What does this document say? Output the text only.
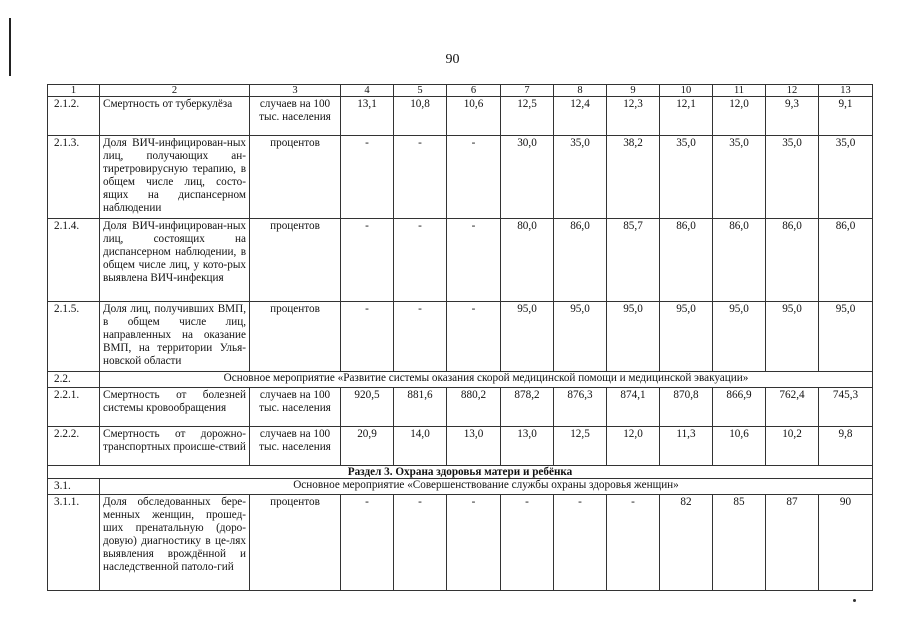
90
1	2	3	4	5	6	7	8	9	10	11	12	13
2.1.2.	Смертность от туберкулёза	случаев на 100 тыс. населения	13,1	10,8	10,6	12,5	12,4	12,3	12,1	12,0	9,3	9,1
2.1.3.	Доля ВИЧ-инфицирован-ных лиц, получающих ан-тиретровирусную терапию, в общем числе лиц, состо-ящих на диспансерном наблюдении	процентов	-	-	-	30,0	35,0	38,2	35,0	35,0	35,0	35,0
2.1.4.	Доля ВИЧ-инфицирован-ных лиц, состоящих на диспансерном наблюдении, в общем числе лиц, у кото-рых выявлена ВИЧ-инфекция	процентов	-	-	-	80,0	86,0	85,7	86,0	86,0	86,0	86,0
2.1.5.	Доля лиц, получивших ВМП, в общем числе лиц, направленных на оказание ВМП, на территории Улья-новской области	процентов	-	-	-	95,0	95,0	95,0	95,0	95,0	95,0	95,0
2.2.	Основное мероприятие «Развитие системы оказания скорой медицинской помощи и медицинской эвакуации»											
2.2.1.	Смертность от болезней системы кровообращения	случаев на 100 тыс. населения	920,5	881,6	880,2	878,2	876,3	874,1	870,8	866,9	762,4	745,3
2.2.2.	Смертность от дорожно-транспортных происше-ствий	случаев на 100 тыс. населения	20,9	14,0	13,0	13,0	12,5	12,0	11,3	10,6	10,2	9,8
Раздел 3. Охрана здоровья матери и ребёнка												
3.1.	Основное мероприятие «Совершенствование службы охраны здоровья женщин»											
3.1.1.	Доля обследованных бере-менных женщин, прошед-ших пренатальную (доро-довую) диагностику в це-лях выявления врождённой и наследственной патоло-гий	процентов	-	-	-	-	-	-	82	85	87	90
